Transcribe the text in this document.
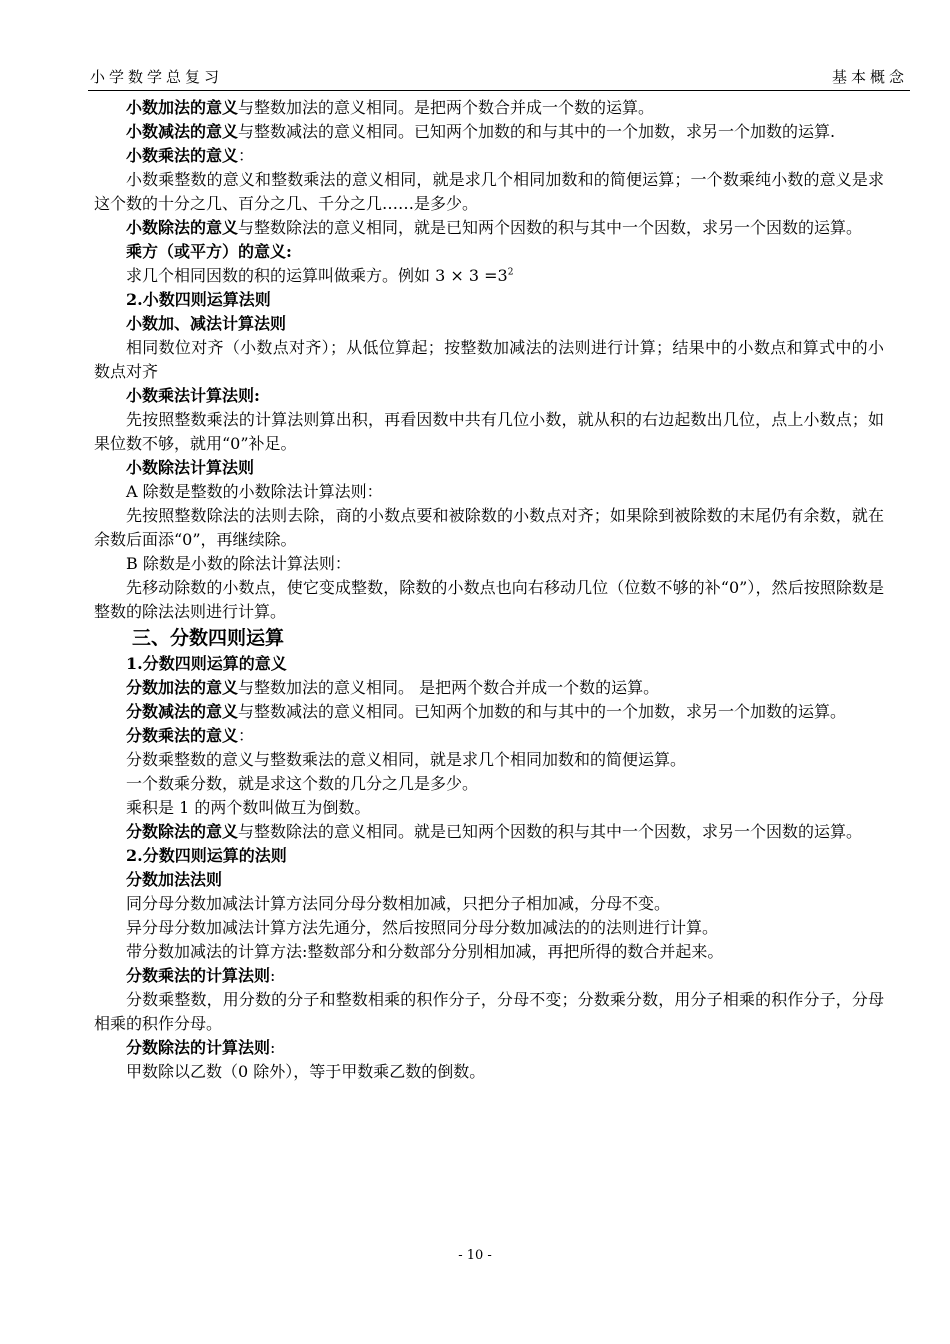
小学数学总复习	基本概念

小数加法的意义与整数加法的意义相同。是把两个数合并成一个数的运算。

小数减法的意义与整数减法的意义相同。已知两个加数的和与其中的一个加数，求另一个加数的运算.

小数乘法的意义：

小数乘整数的意义和整数乘法的意义相同，就是求几个相同加数和的简便运算；一个数乘纯小数的意义是求这个数的十分之几、百分之几、千分之几……是多少。

小数除法的意义与整数除法的意义相同，就是已知两个因数的积与其中一个因数，求另一个因数的运算。

乘方（或平方）的意义:

求几个相同因数的积的运算叫做乘方。例如 $3 \times 3 =3^2$

2.小数四则运算法则

小数加、减法计算法则

相同数位对齐（小数点对齐）；从低位算起；按整数加减法的法则进行计算；结果中的小数点和算式中的小数点对齐

小数乘法计算法则:

先按照整数乘法的计算法则算出积，再看因数中共有几位小数，就从积的右边起数出几位，点上小数点；如果位数不够，就用“0”补足。

小数除法计算法则

A 除数是整数的小数除法计算法则：

先按照整数除法的法则去除，商的小数点要和被除数的小数点对齐；如果除到被除数的末尾仍有余数，就在余数后面添“0”，再继续除。

B 除数是小数的除法计算法则：

先移动除数的小数点，使它变成整数，除数的小数点也向右移动几位（位数不够的补“0”），然后按照除数是整数的除法法则进行计算。

三、分数四则运算

1.分数四则运算的意义

分数加法的意义与整数加法的意义相同。 是把两个数合并成一个数的运算。

分数减法的意义与整数减法的意义相同。已知两个加数的和与其中的一个加数，求另一个加数的运算。

分数乘法的意义：

分数乘整数的意义与整数乘法的意义相同，就是求几个相同加数和的简便运算。

一个数乘分数，就是求这个数的几分之几是多少。

乘积是 1 的两个数叫做互为倒数。

分数除法的意义与整数除法的意义相同。就是已知两个因数的积与其中一个因数，求另一个因数的运算。

2.分数四则运算的法则

分数加法法则

同分母分数加减法计算方法同分母分数相加减，只把分子相加减，分母不变。

异分母分数加减法计算方法先通分，然后按照同分母分数加减法的的法则进行计算。

带分数加减法的计算方法:整数部分和分数部分分别相加减，再把所得的数合并起来。

分数乘法的计算法则:

分数乘整数，用分数的分子和整数相乘的积作分子，分母不变；分数乘分数，用分子相乘的积作分子，分母相乘的积作分母。

分数除法的计算法则:

甲数除以乙数（0 除外），等于甲数乘乙数的倒数。

- 10 -
